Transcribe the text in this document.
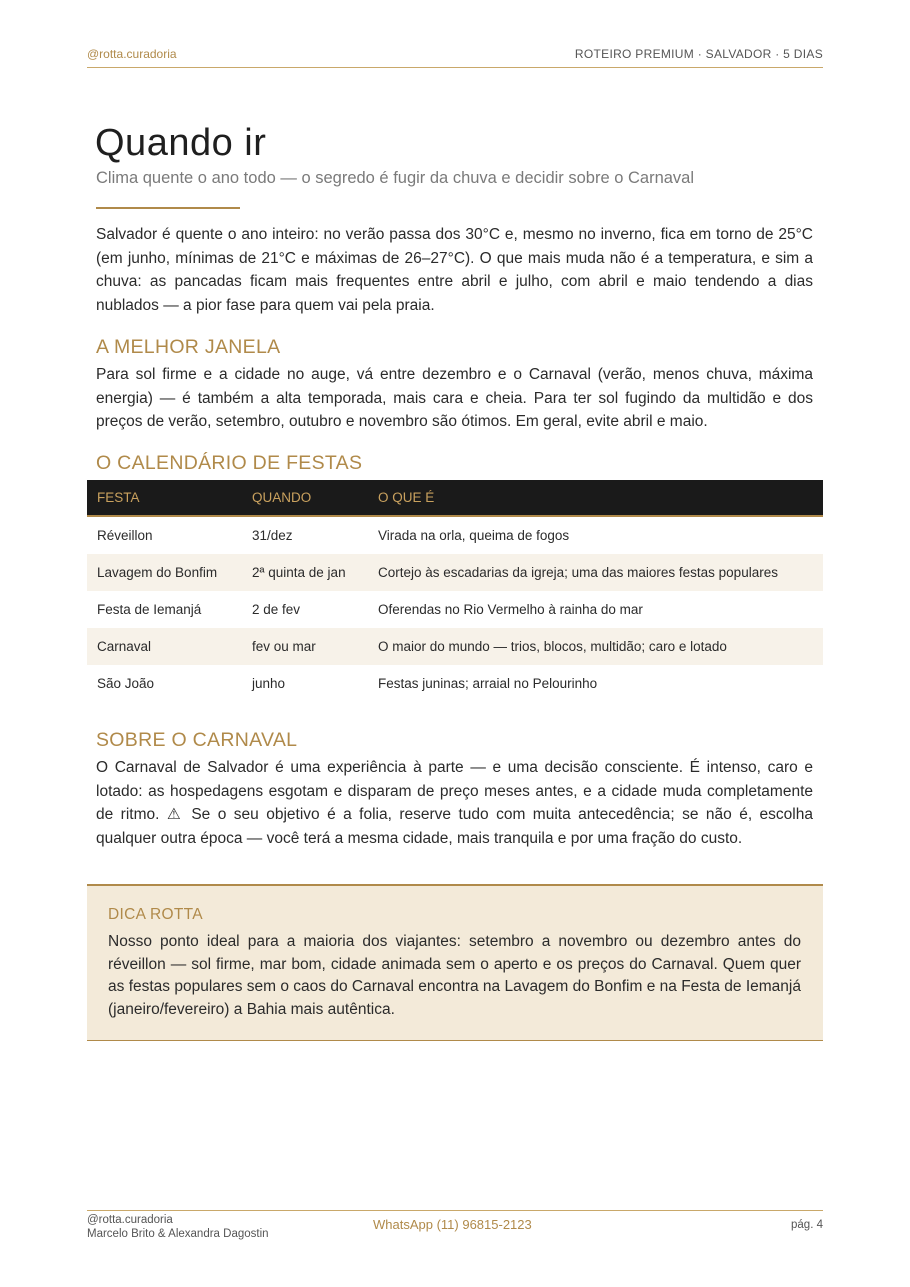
@rotta.curadoria	ROTEIRO PREMIUM · SALVADOR · 5 DIAS
Quando ir
Clima quente o ano todo — o segredo é fugir da chuva e decidir sobre o Carnaval

Salvador é quente o ano inteiro: no verão passa dos 30°C e, mesmo no inverno, fica em torno de 25°C (em junho, mínimas de 21°C e máximas de 26–27°C). O que mais muda não é a temperatura, e sim a chuva: as pancadas ficam mais frequentes entre abril e julho, com abril e maio tendendo a dias nublados — a pior fase para quem vai pela praia.

A MELHOR JANELA

Para sol firme e a cidade no auge, vá entre dezembro e o Carnaval (verão, menos chuva, máxima energia) — é também a alta temporada, mais cara e cheia. Para ter sol fugindo da multidão e dos preços de verão, setembro, outubro e novembro são ótimos. Em geral, evite abril e maio.

O CALENDÁRIO DE FESTAS
FESTA	QUANDO	O QUE É
Réveillon	31/dez	Virada na orla, queima de fogos
Lavagem do Bonfim	2ª quinta de jan	Cortejo às escadarias da igreja; uma das maiores festas populares
Festa de Iemanjá	2 de fev	Oferendas no Rio Vermelho à rainha do mar
Carnaval	fev ou mar	O maior do mundo — trios, blocos, multidão; caro e lotado
São João	junho	Festas juninas; arraial no Pelourinho
SOBRE O CARNAVAL

O Carnaval de Salvador é uma experiência à parte — e uma decisão consciente. É intenso, caro e lotado: as hospedagens esgotam e disparam de preço meses antes, e a cidade muda completamente de ritmo. ⚠ Se o seu objetivo é a folia, reserve tudo com muita antecedência; se não é, escolha qualquer outra época — você terá a mesma cidade, mais tranquila e por uma fração do custo.

DICA ROTTA

Nosso ponto ideal para a maioria dos viajantes: setembro a novembro ou dezembro antes do réveillon — sol firme, mar bom, cidade animada sem o aperto e os preços do Carnaval. Quem quer as festas populares sem o caos do Carnaval encontra na Lavagem do Bonfim e na Festa de Iemanjá (janeiro/fevereiro) a Bahia mais autêntica.

@rotta.curadoria
Marcelo Brito & Alexandra Dagostin
WhatsApp (11) 96815-2123	pág. 4
